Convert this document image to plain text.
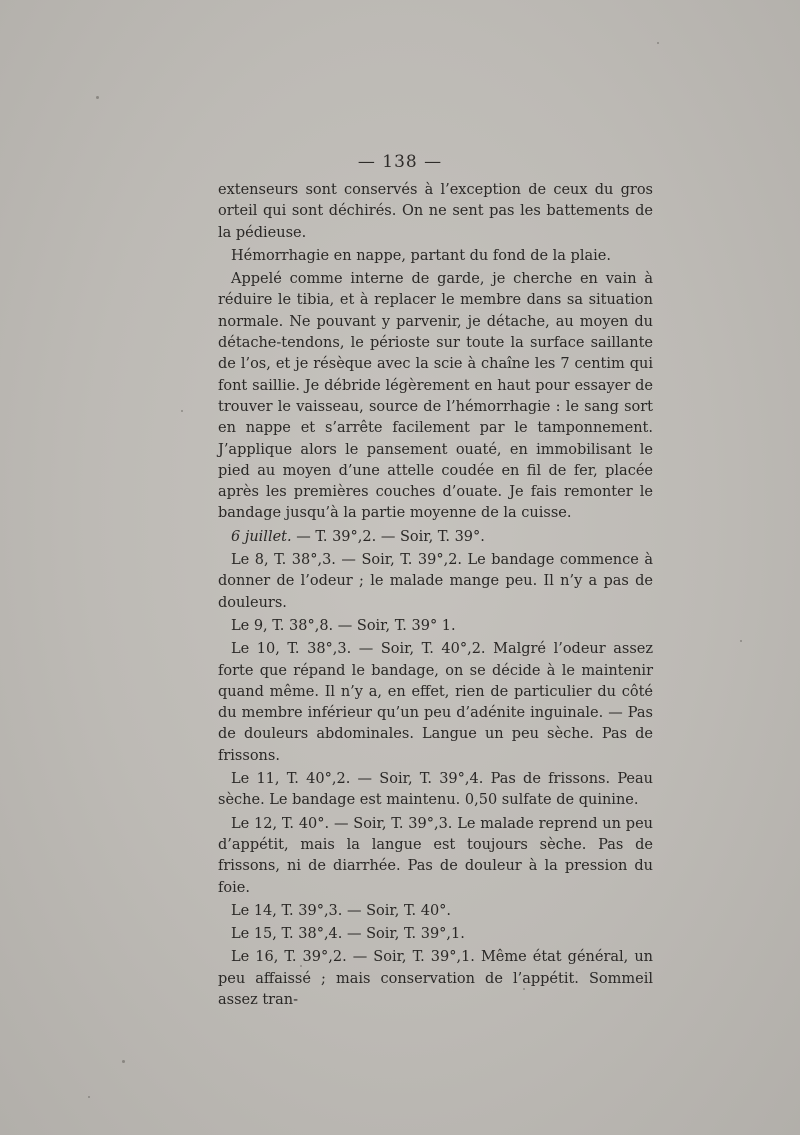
— 138 —

extenseurs sont conservés à l’exception de ceux du gros orteil qui sont déchirés. On ne sent pas les battements de la pédieuse.

Hémorrhagie en nappe, partant du fond de la plaie.

Appelé comme interne de garde, je cherche en vain à réduire le tibia, et à replacer le membre dans sa situation normale. Ne pouvant y parvenir, je détache, au moyen du détache-tendons, le périoste sur toute la surface saillante de l’os, et je résèque avec la scie à chaîne les 7 centim qui font saillie. Je débride légèrement en haut pour essayer de trouver le vaisseau, source de l’hémorrhagie : le sang sort en nappe et s’arrête facilement par le tamponnement. J’applique alors le pansement ouaté, en immobilisant le pied au moyen d’une attelle coudée en fil de fer, placée après les premières couches d’ouate. Je fais remonter le bandage jusqu’à la partie moyenne de la cuisse.

6 juillet. — T. 39°,2. — Soir, T. 39°.

Le 8, T. 38°,3. — Soir, T. 39°,2. Le bandage commence à donner de l’odeur ; le malade mange peu. Il n’y a pas de douleurs.

Le 9, T. 38°,8. — Soir, T. 39° 1.

Le 10, T. 38°,3. — Soir, T. 40°,2. Malgré l’odeur assez forte que répand le bandage, on se décide à le maintenir quand même. Il n’y a, en effet, rien de particulier du côté du membre inférieur qu’un peu d’adénite inguinale. — Pas de douleurs abdominales. Langue un peu sèche. Pas de frissons.

Le 11, T. 40°,2. — Soir, T. 39°,4. Pas de frissons. Peau sèche. Le bandage est maintenu. 0,50 sulfate de quinine.

Le 12, T. 40°. — Soir, T. 39°,3. Le malade reprend un peu d’appétit, mais la langue est toujours sèche. Pas de frissons, ni de diarrhée. Pas de douleur à la pression du foie.

Le 14, T. 39°,3. — Soir, T. 40°.

Le 15, T. 38°,4. — Soir, T. 39°,1.

Le 16, T. 39°,2. — Soir, T. 39°,1. Même état général, un peu affaissé ; mais conservation de l’appétit. Sommeil assez tran-
